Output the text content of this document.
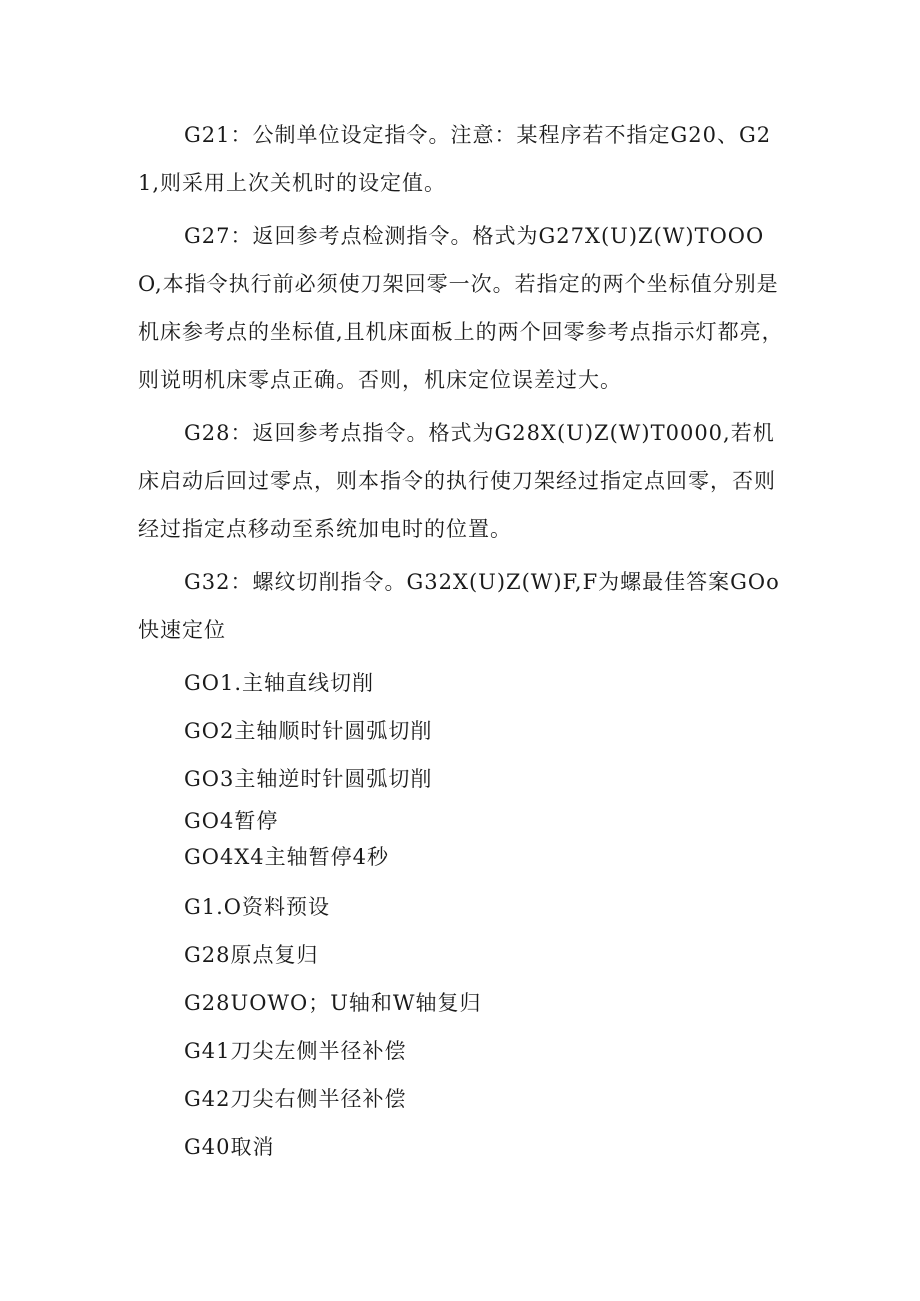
G21：公制单位设定指令。注意：某程序若不指定G20、G21,则采用上次关机时的设定值。

G27：返回参考点检测指令。格式为G27X(U)Z(W)TOOOO,本指令执行前必须使刀架回零一次。若指定的两个坐标值分别是机床参考点的坐标值,且机床面板上的两个回零参考点指示灯都亮，则说明机床零点正确。否则，机床定位误差过大。

G28：返回参考点指令。格式为G28X(U)Z(W)T0000,若机床启动后回过零点，则本指令的执行使刀架经过指定点回零，否则经过指定点移动至系统加电时的位置。

G32：螺纹切削指令。G32X(U)Z(W)F,F为螺最佳答案GOo快速定位

GO1.主轴直线切削
GO2主轴顺时针圆弧切削
GO3主轴逆时针圆弧切削
GO4暂停
GO4X4主轴暂停4秒
G1.O资料预设
G28原点复归
G28UOWO；U轴和W轴复归
G41刀尖左侧半径补偿
G42刀尖右侧半径补偿
G40取消
